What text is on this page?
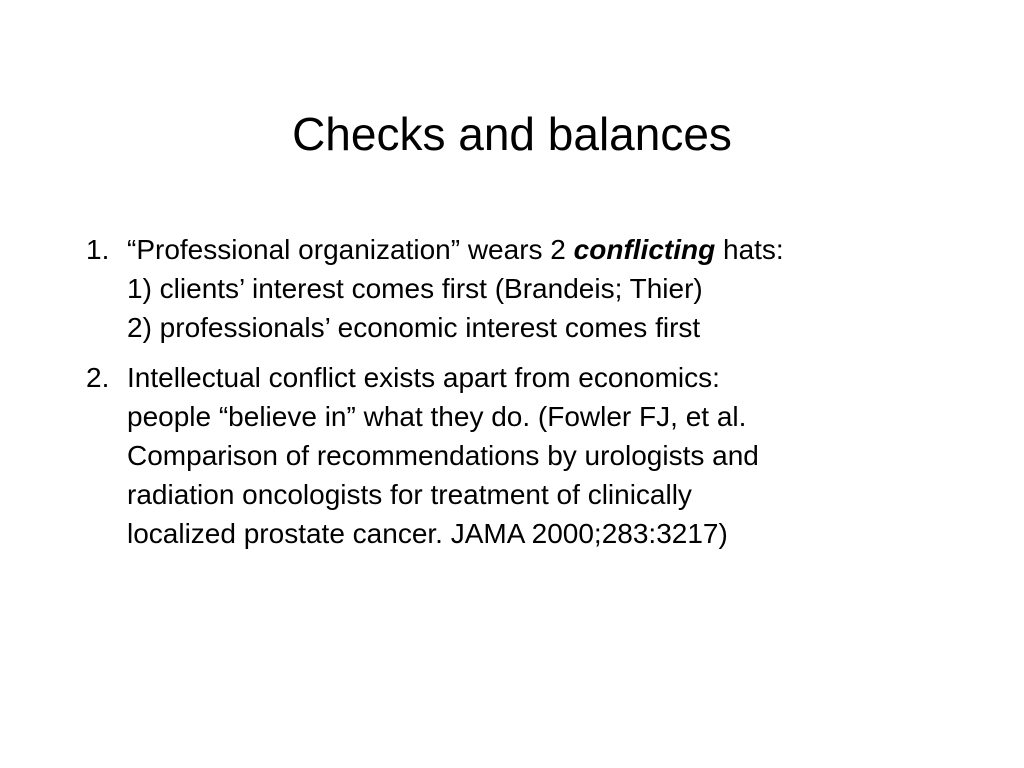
Checks and balances
1. “Professional organization” wears 2 conflicting hats:
1) clients’ interest comes first (Brandeis; Thier)
2) professionals’ economic interest comes first
2. Intellectual conflict exists apart from economics:
people “believe in” what they do. (Fowler FJ, et al.
Comparison of recommendations by urologists and
radiation oncologists for treatment of clinically
localized prostate cancer. JAMA 2000;283:3217)
